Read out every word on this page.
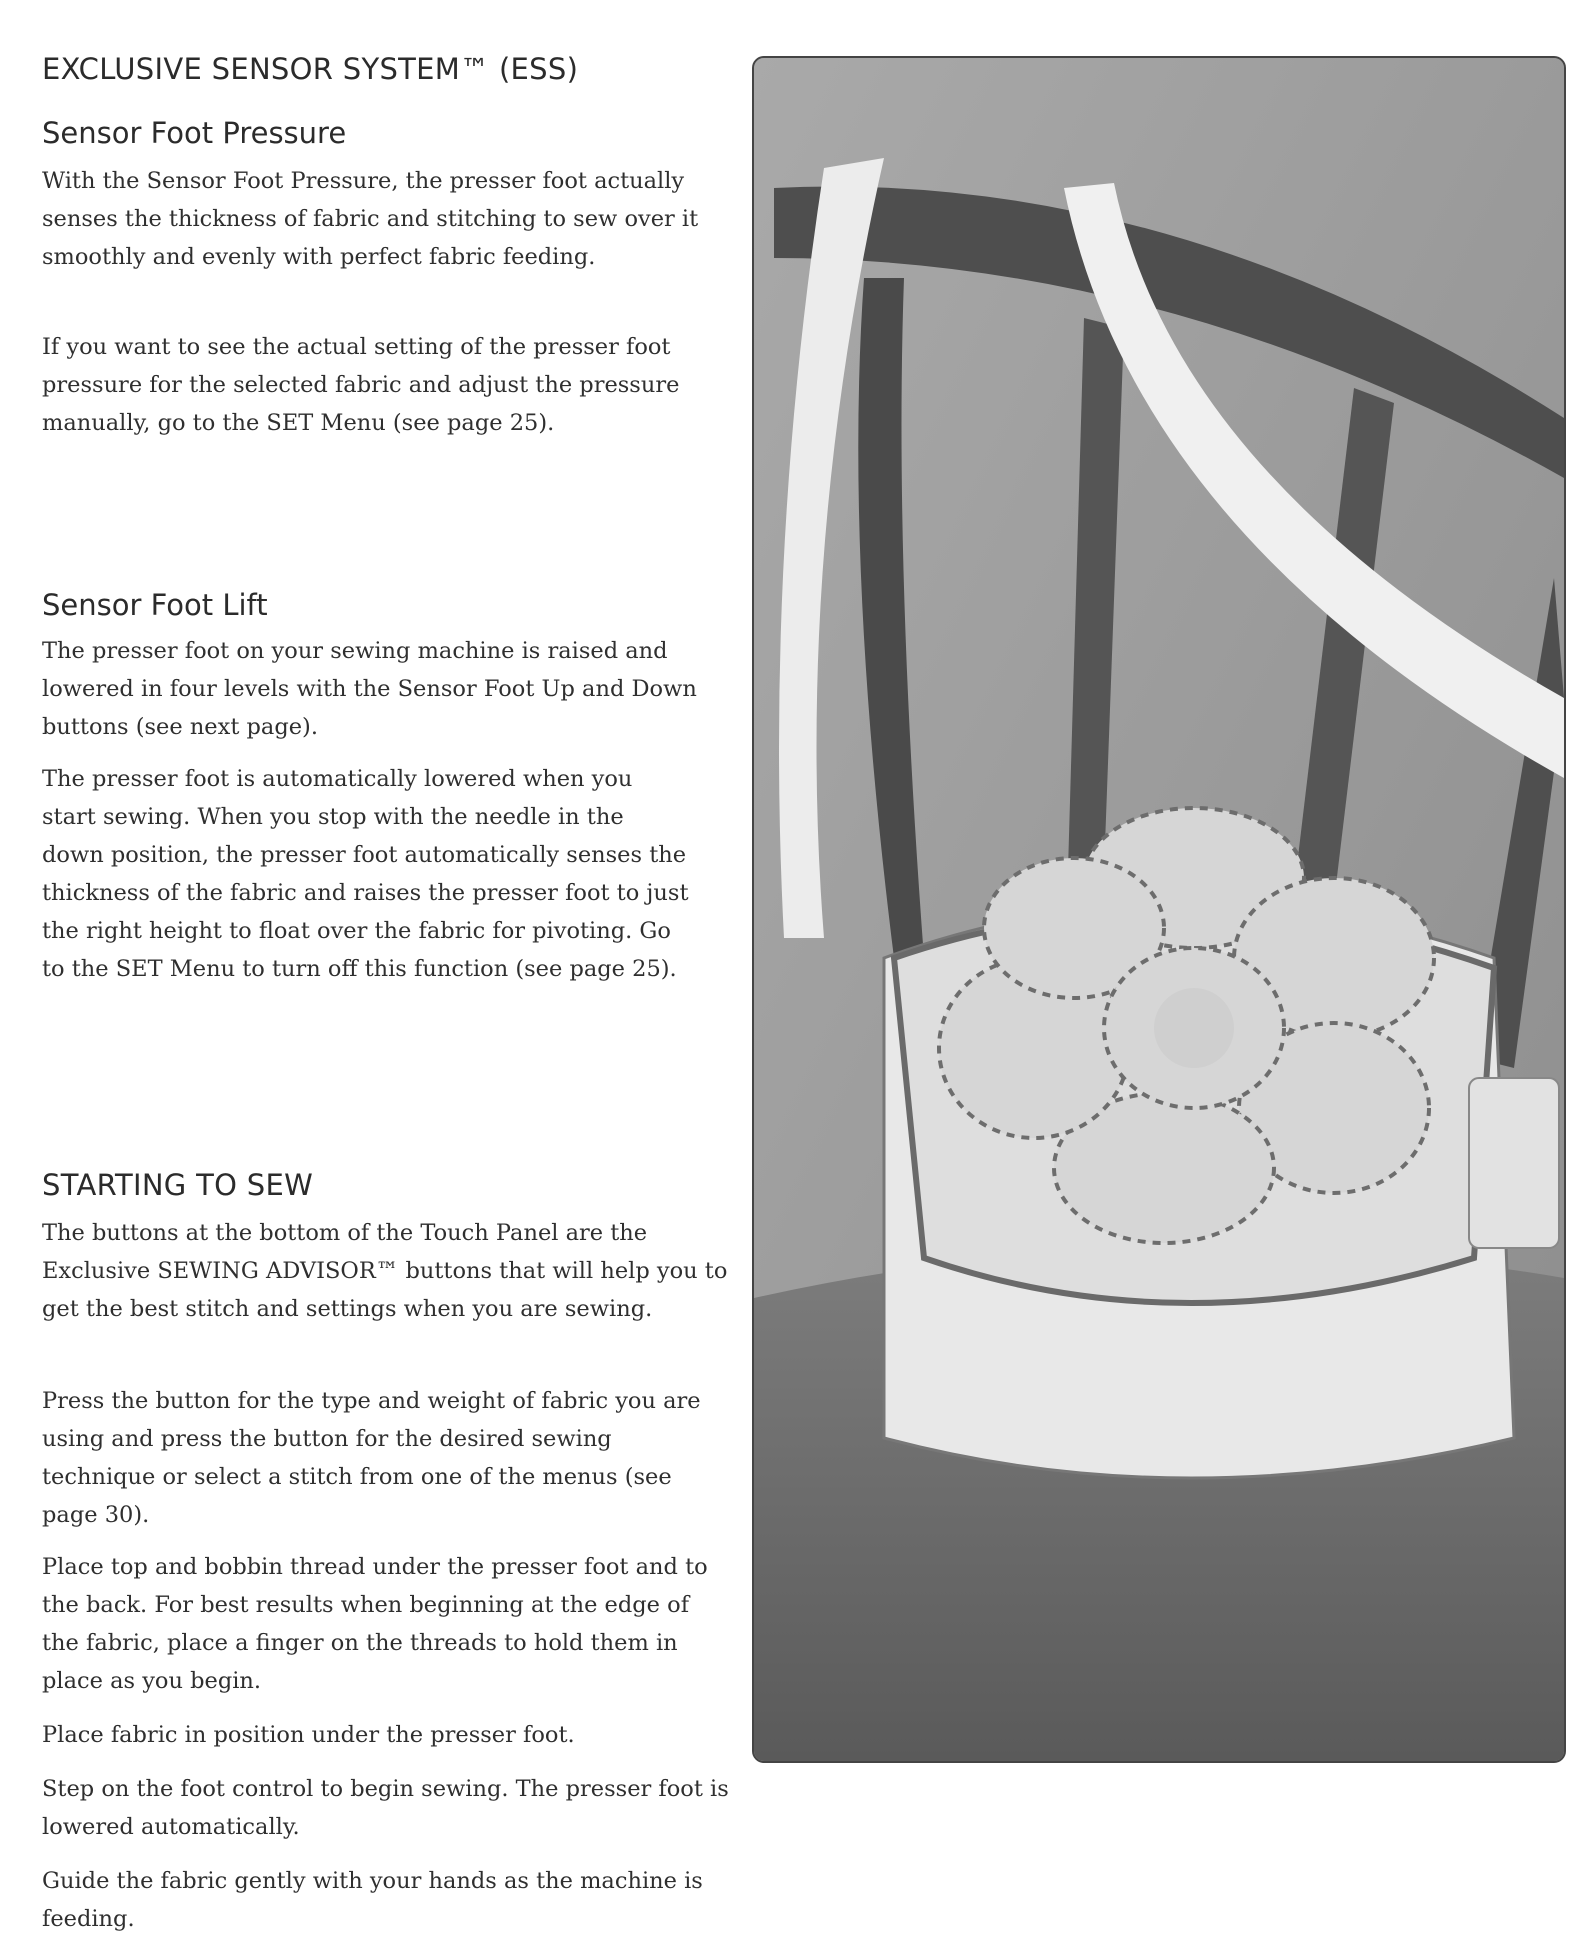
EXCLUSIVE SENSOR SYSTEM™ (ESS)
Sensor Foot Pressure

With the Sensor Foot Pressure, the presser foot actually senses the thickness of fabric and stitching to sew over it smoothly and evenly with perfect fabric feeding.

If you want to see the actual setting of the presser foot pressure for the selected fabric and adjust the pressure manually, go to the SET Menu (see page 25).

Sensor Foot Lift

The presser foot on your sewing machine is raised and lowered in four levels with the Sensor Foot Up and Down buttons (see next page).

The presser foot is automatically lowered when you start sewing. When you stop with the needle in the down position, the presser foot automatically senses the thickness of the fabric and raises the presser foot to just the right height to float over the fabric for pivoting. Go to the SET Menu to turn off this function (see page 25).

STARTING TO SEW

The buttons at the bottom of the Touch Panel are the Exclusive SEWING ADVISOR™ buttons that will help you to get the best stitch and settings when you are sewing.

Press the button for the type and weight of fabric you are using and press the button for the desired sewing technique or select a stitch from one of the menus (see page 30).

Place top and bobbin thread under the presser foot and to the back. For best results when beginning at the edge of the fabric, place a finger on the threads to hold them in place as you begin.

Place fabric in position under the presser foot.

Step on the foot control to begin sewing. The presser foot is lowered automatically.

Guide the fabric gently with your hands as the machine is feeding.
